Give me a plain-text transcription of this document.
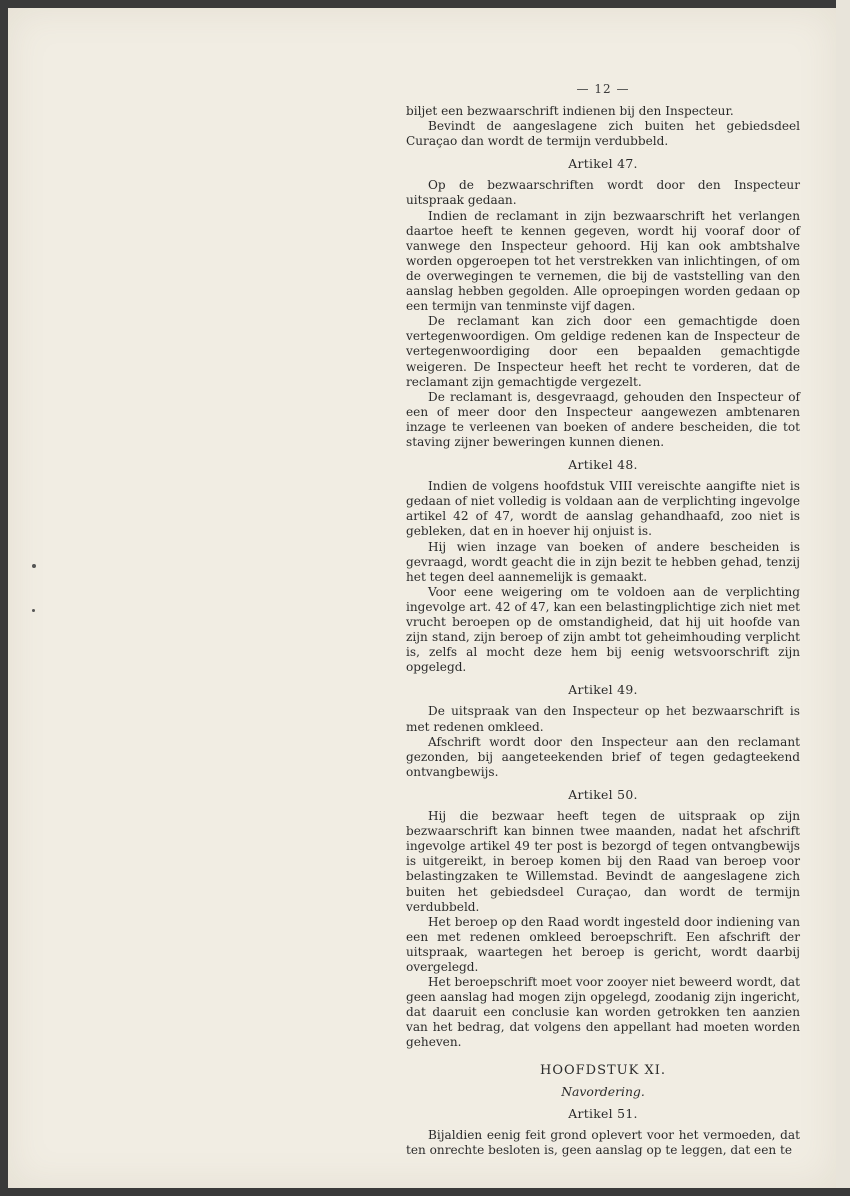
— 12 —

biljet een bezwaarschrift indienen bij den Inspecteur.

Bevindt de aangeslagene zich buiten het gebiedsdeel Curaçao dan wordt de termijn verdubbeld.

Artikel 47.

Op de bezwaarschriften wordt door den Inspecteur uitspraak gedaan.

Indien de reclamant in zijn bezwaarschrift het verlangen daartoe heeft te kennen gegeven, wordt hij vooraf door of vanwege den Inspecteur gehoord. Hij kan ook ambtshalve worden opgeroepen tot het verstrekken van inlichtingen, of om de overwegingen te vernemen, die bij de vaststelling van den aanslag hebben gegolden. Alle oproepingen worden gedaan op een termijn van tenminste vijf dagen.

De reclamant kan zich door een gemachtigde doen vertegenwoordigen. Om geldige redenen kan de Inspecteur de vertegenwoordiging door een bepaalden gemachtigde weigeren. De Inspecteur heeft het recht te vorderen, dat de reclamant zijn gemachtigde vergezelt.

De reclamant is, desgevraagd, gehouden den Inspecteur of een of meer door den Inspecteur aangewezen ambtenaren inzage te verleenen van boeken of andere bescheiden, die tot staving zijner beweringen kunnen dienen.

Artikel 48.

Indien de volgens hoofdstuk VIII vereischte aangifte niet is gedaan of niet volledig is voldaan aan de verplichting ingevolge artikel 42 of 47, wordt de aanslag gehandhaafd, zoo niet is gebleken, dat en in hoever hij onjuist is.

Hij wien inzage van boeken of andere bescheiden is gevraagd, wordt geacht die in zijn bezit te hebben gehad, tenzij het tegen deel aannemelijk is gemaakt.

Voor eene weigering om te voldoen aan de verplichting ingevolge art. 42 of 47, kan een belastingplichtige zich niet met vrucht beroepen op de omstandigheid, dat hij uit hoofde van zijn stand, zijn beroep of zijn ambt tot geheimhouding verplicht is, zelfs al mocht deze hem bij eenig wetsvoorschrift zijn opgelegd.

Artikel 49.

De uitspraak van den Inspecteur op het bezwaarschrift is met redenen omkleed.

Afschrift wordt door den Inspecteur aan den reclamant gezonden, bij aangeteekenden brief of tegen gedagteekend ontvangbewijs.

Artikel 50.

Hij die bezwaar heeft tegen de uitspraak op zijn bezwaarschrift kan binnen twee maanden, nadat het afschrift ingevolge artikel 49 ter post is bezorgd of tegen ontvangbewijs is uitgereikt, in beroep komen bij den Raad van beroep voor belastingzaken te Willemstad. Bevindt de aangeslagene zich buiten het gebiedsdeel Curaçao, dan wordt de termijn verdubbeld.

Het beroep op den Raad wordt ingesteld door indiening van een met redenen omkleed beroepschrift. Een afschrift der uitspraak, waartegen het beroep is gericht, wordt daarbij overgelegd.

Het beroepschrift moet voor zooyer niet beweerd wordt, dat geen aanslag had mogen zijn opgelegd, zoodanig zijn ingericht, dat daaruit een conclusie kan worden getrokken ten aanzien van het bedrag, dat volgens den appellant had moeten worden geheven.

HOOFDSTUK XI.

Navordering.

Artikel 51.

Bijaldien eenig feit grond oplevert voor het vermoeden, dat ten onrechte besloten is, geen aanslag op te leggen, dat een te
